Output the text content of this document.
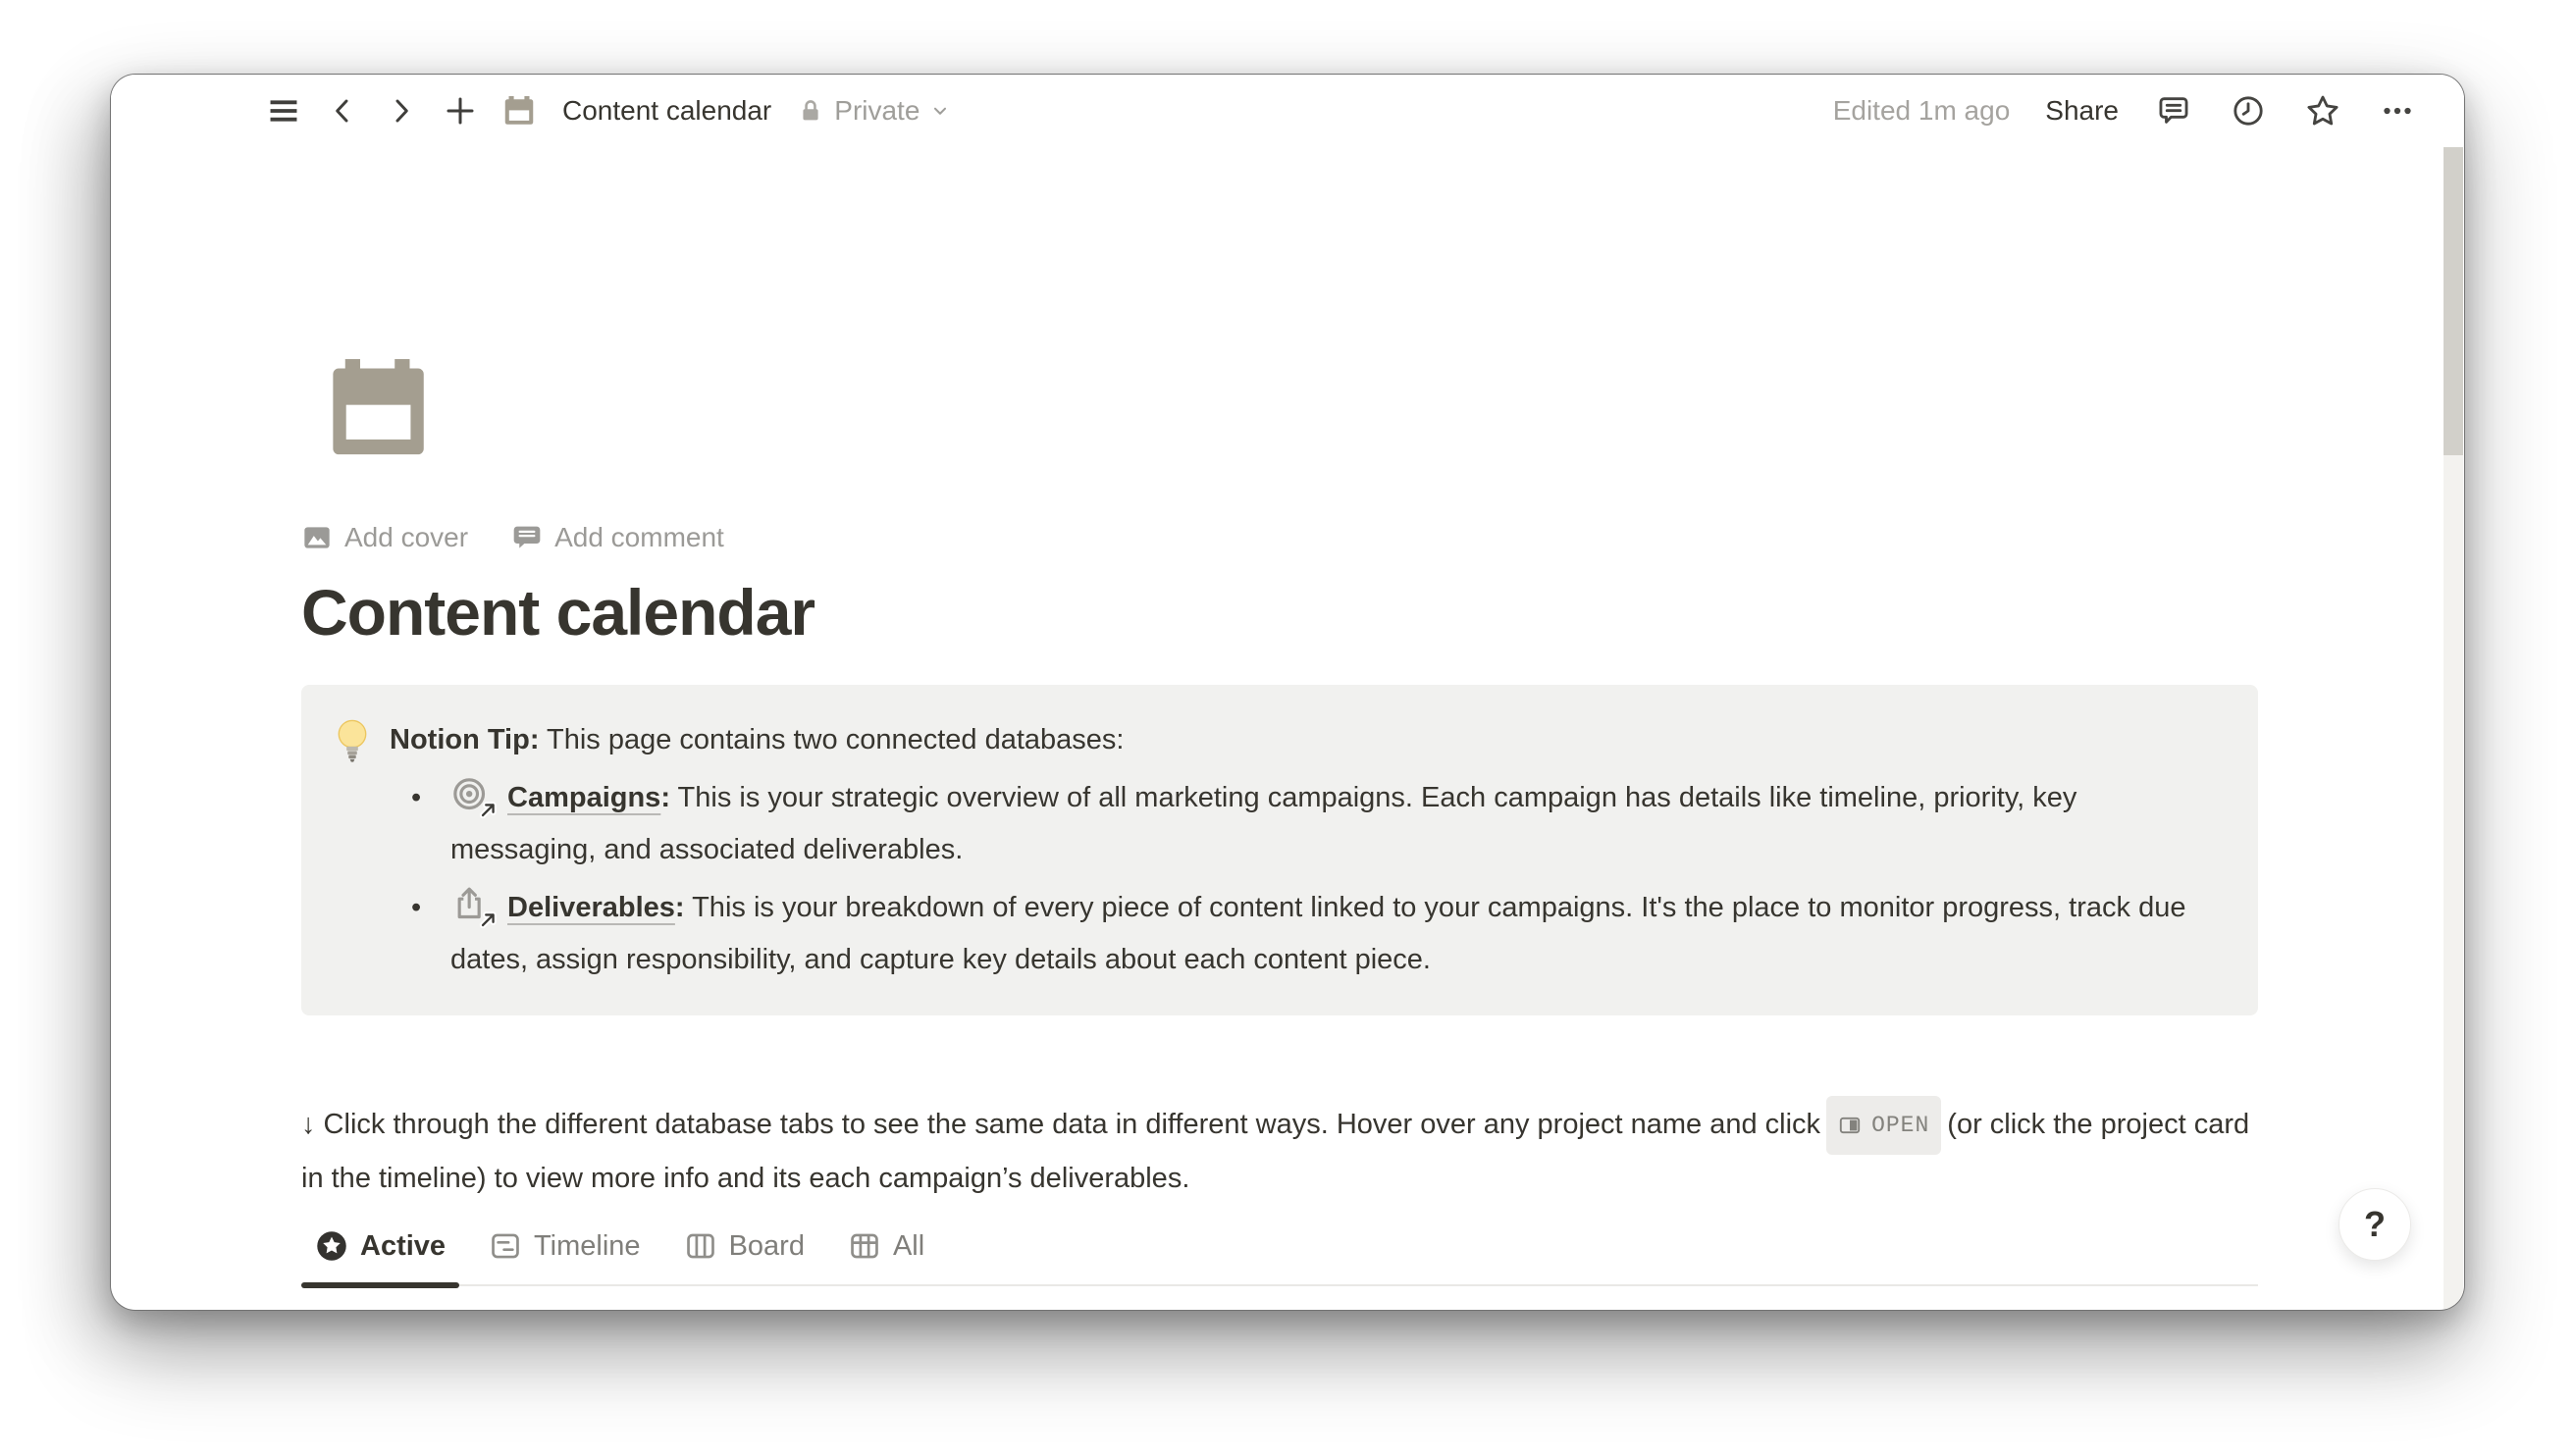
Content calendar Private	Edited 1m ago Share
Add cover	Add comment
Content calendar
Notion Tip: This page contains two connected databases:
•	Campaigns: This is your strategic overview of all marketing campaigns. Each campaign has details like timeline, priority, key messaging, and associated deliverables.
•	Deliverables: This is your breakdown of every piece of content linked to your campaigns. It's the place to monitor progress, track due dates, assign responsibility, and capture key details about each content piece.

↓ Click through the different database tabs to see the same data in different ways. Hover over any project name and click OPEN (or click the project card in the timeline) to view more info and its each campaign’s deliverables.

Active	Timeline	Board	All
?
